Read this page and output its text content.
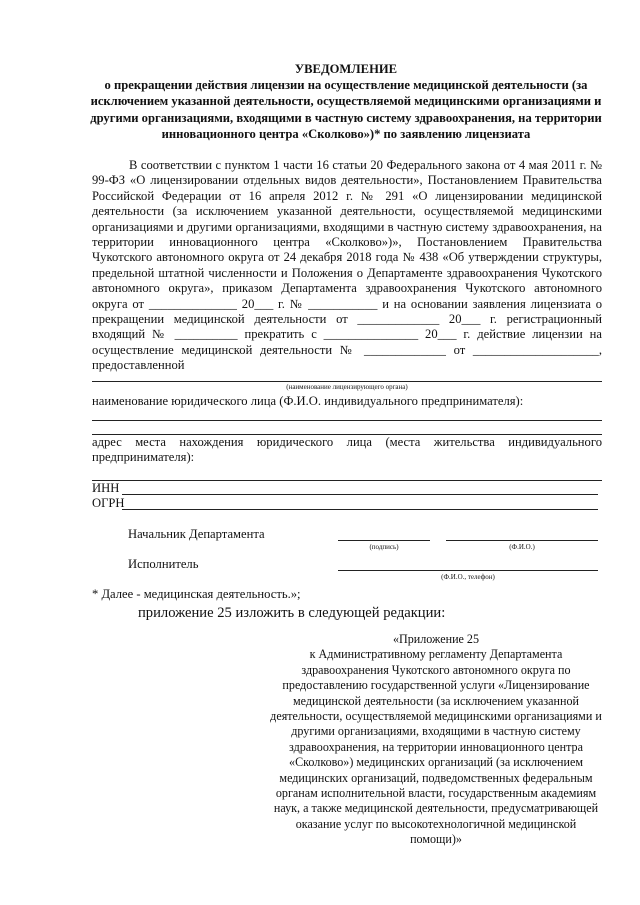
УВЕДОМЛЕНИЕ
о прекращении действия лицензии на осуществление медицинской деятельности (за исключением указанной деятельности, осуществляемой медицинскими организациями и другими организациями, входящими в частную систему здравоохранения, на территории инновационного центра «Сколково»)* по заявлению лицензиата

В соответствии с пунктом 1 части 16 статьи 20 Федерального закона от 4 мая 2011 г. № 99-ФЗ «О лицензировании отдельных видов деятельности», Постановлением Правительства Российской Федерации от 16 апреля 2012 г. № 291 «О лицензировании медицинской деятельности (за исключением указанной деятельности, осуществляемой медицинскими организациями и другими организациями, входящими в частную систему здравоохранения, на территории инновационного центра «Сколково»)», Постановлением Правительства Чукотского автономного округа от 24 декабря 2018 года № 438 «Об утверждении структуры, предельной штатной численности и Положения о Департаменте здравоохранения Чукотского автономного округа», приказом Департамента здравоохранения Чукотского автономного округа от ______________ 20___ г. № ___________ и на основании заявления лицензиата о прекращении медицинской деятельности от _____________ 20___ г. регистрационный входящий № __________ прекратить с _______________ 20___ г. действие лицензии на осуществление медицинской деятельности № _____________ от ____________________, предоставленной

(наименование лицензирующего органа)
наименование юридического лица (Ф.И.О. индивидуального предпринимателя):
адрес места нахождения юридического лица (места жительства индивидуального предпринимателя):
ИНН
ОГРН
Начальник Департамента
(подпись)	(Ф.И.О.)
Исполнитель
(Ф.И.О., телефон)
* Далее - медицинская деятельность.»;
приложение 25 изложить в следующей редакции:
«Приложение 25
к Административному регламенту Департамента
здравоохранения Чукотского автономного округа по
предоставлению государственной услуги «Лицензирование
медицинской деятельности (за исключением указанной
деятельности, осуществляемой медицинскими организациями и
другими организациями, входящими в частную систему
здравоохранения, на территории инновационного центра
«Сколково») медицинских организаций (за исключением
медицинских организаций, подведомственных федеральным
органам исполнительной власти, государственным академиям
наук, а также медицинской деятельности, предусматривающей
оказание услуг по высокотехнологичной медицинской
помощи)»
